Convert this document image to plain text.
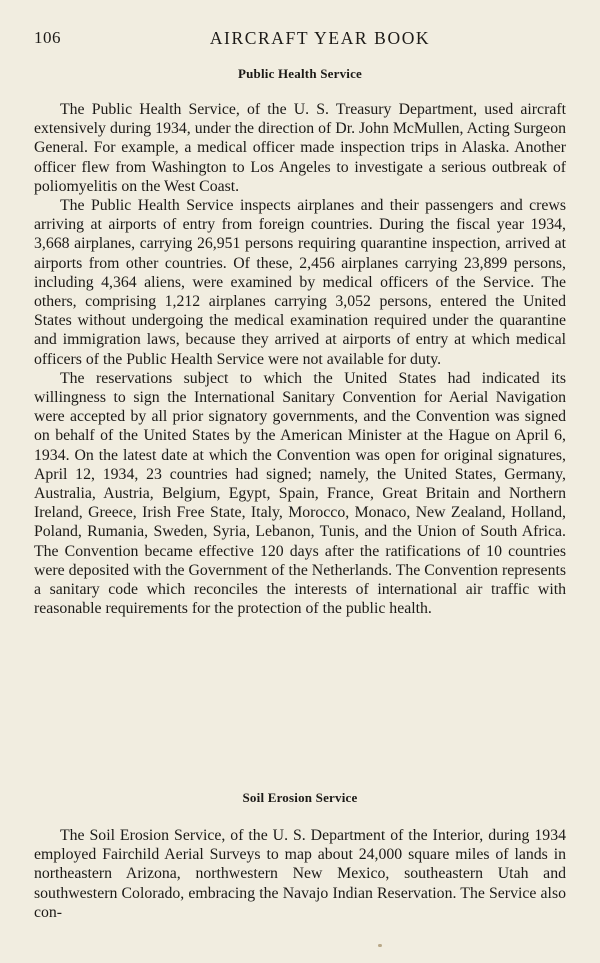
106	AIRCRAFT YEAR BOOK
Public Health Service

The Public Health Service, of the U. S. Treasury Department, used aircraft extensively during 1934, under the direction of Dr. John McMullen, Acting Surgeon General. For example, a medical officer made inspection trips in Alaska. Another officer flew from Washington to Los Angeles to investigate a serious outbreak of poliomyelitis on the West Coast.

The Public Health Service inspects airplanes and their passengers and crews arriving at airports of entry from foreign countries. During the fiscal year 1934, 3,668 airplanes, carrying 26,951 persons requiring quarantine inspection, arrived at airports from other countries. Of these, 2,456 airplanes carrying 23,899 persons, including 4,364 aliens, were examined by medical officers of the Service. The others, comprising 1,212 airplanes carrying 3,052 persons, entered the United States without undergoing the medical examination required under the quarantine and immigration laws, because they arrived at airports of entry at which medical officers of the Public Health Service were not available for duty.

The reservations subject to which the United States had indicated its willingness to sign the International Sanitary Convention for Aerial Navigation were accepted by all prior signatory governments, and the Convention was signed on behalf of the United States by the American Minister at the Hague on April 6, 1934. On the latest date at which the Convention was open for original signatures, April 12, 1934, 23 countries had signed; namely, the United States, Germany, Australia, Austria, Belgium, Egypt, Spain, France, Great Britain and Northern Ireland, Greece, Irish Free State, Italy, Morocco, Monaco, New Zealand, Holland, Poland, Rumania, Sweden, Syria, Lebanon, Tunis, and the Union of South Africa. The Convention became effective 120 days after the ratifications of 10 countries were deposited with the Government of the Netherlands. The Convention represents a sanitary code which reconciles the interests of international air traffic with reasonable requirements for the protection of the public health.

Soil Erosion Service

The Soil Erosion Service, of the U. S. Department of the Interior, during 1934 employed Fairchild Aerial Surveys to map about 24,000 square miles of lands in northeastern Arizona, northwestern New Mexico, southeastern Utah and southwestern Colorado, embracing the Navajo Indian Reservation. The Service also con-
